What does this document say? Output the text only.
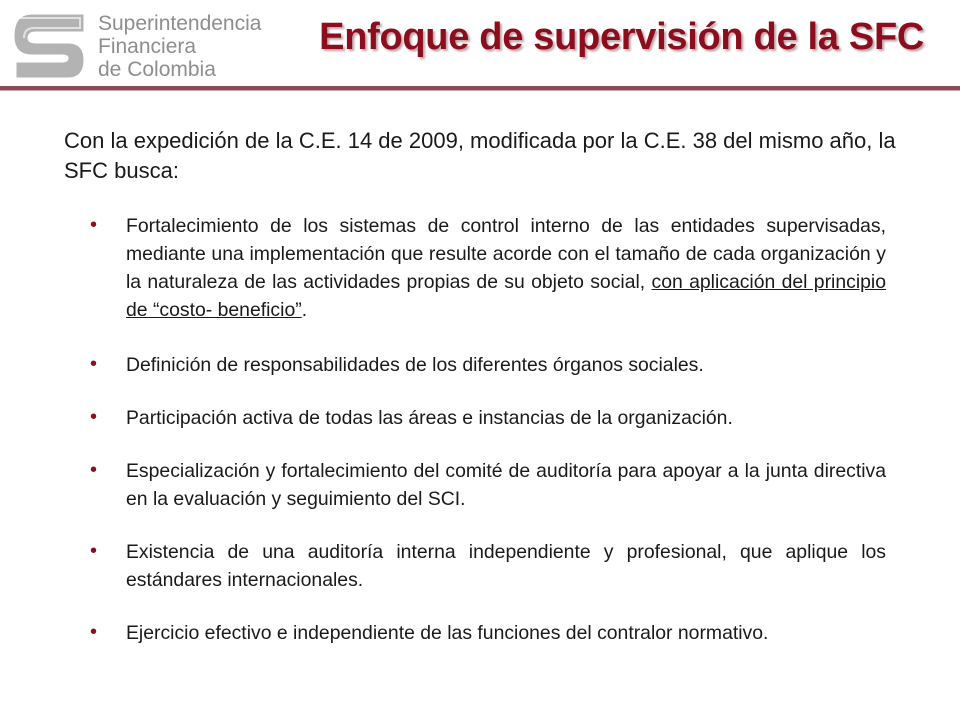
Superintendencia
Financiera
de Colombia
Enfoque de supervisión de la SFC
Con la expedición de la C.E. 14 de 2009, modificada por la C.E. 38 del mismo año, la SFC busca:
• Fortalecimiento de los sistemas de control interno de las entidades supervisadas, mediante una implementación que resulte acorde con el tamaño de cada organización y la naturaleza de las actividades propias de su objeto social, con aplicación del principio de “costo- beneficio”.
• Definición de responsabilidades de los diferentes órganos sociales.
• Participación activa de todas las áreas e instancias de la organización.
• Especialización y fortalecimiento del comité de auditoría para apoyar a la junta directiva en la evaluación y seguimiento del SCI.
• Existencia de una auditoría interna independiente y profesional, que aplique los estándares internacionales.
• Ejercicio efectivo e independiente de las funciones del contralor normativo.
